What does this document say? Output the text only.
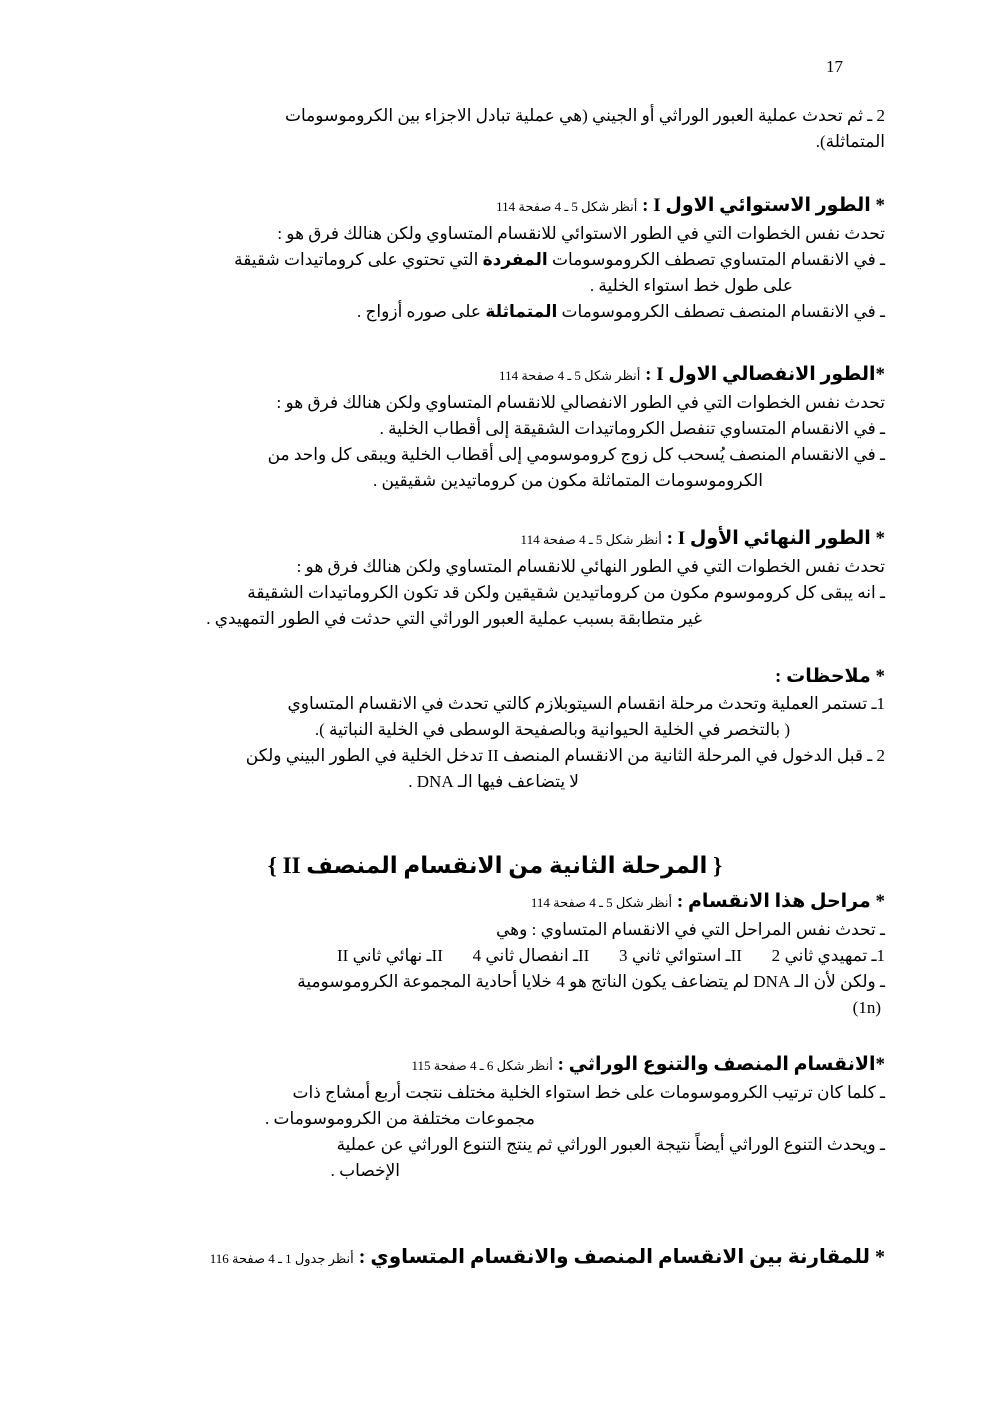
17
2 ـ ثم تحدث عملية العبور الوراثي أو الجيني (هي عملية تبادل الاجزاء بين الكروموسومات
المتماثلة).
* الطور الاستوائي الاول I : أنظر شكل 5 ـ 4 صفحة 114
تحدث نفس الخطوات التي في الطور الاستوائي للانقسام المتساوي ولكن هنالك فرق هو :
ـ في الانقسام المتساوي تصطف الكروموسومات المفردة التي تحتوي على كروماتيدات شقيقة
على طول خط استواء الخلية .
ـ في الانقسام المنصف تصطف الكروموسومات المتماثلة على صوره أزواج .
*الطور الانفصالي الاول I : أنظر شكل 5 ـ 4 صفحة 114
تحدث نفس الخطوات التي في الطور الانفصالي للانقسام المتساوي ولكن هنالك فرق هو :
ـ في الانقسام المتساوي تنفصل الكروماتيدات الشقيقة إلى أقطاب الخلية .
ـ في الانقسام المنصف يُسحب كل زوج كروموسومي إلى أقطاب الخلية ويبقى كل واحد من
الكروموسومات المتماثلة مكون من كروماتيدين شقيقين .
* الطور النهائي الأول I : أنظر شكل 5 ـ 4 صفحة 114
تحدث نفس الخطوات التي في الطور النهائي للانقسام المتساوي ولكن هنالك فرق هو :
ـ انه يبقى كل كروموسوم مكون من كروماتيدين شقيقين ولكن قد تكون الكروماتيدات الشقيقة
غير متطابقة بسبب عملية العبور الوراثي التي حدثت في الطور التمهيدي .
* ملاحظات :
1ـ تستمر العملية وتحدث مرحلة انقسام السيتوبلازم كالتي تحدث في الانقسام المتساوي
( بالتخصر في الخلية الحيوانية وبالصفيحة الوسطى في الخلية النباتية ).
2 ـ قبل الدخول في المرحلة الثانية من الانقسام المنصف II تدخل الخلية في الطور البيني ولكن
لا يتضاعف فيها الـ DNA .
{ المرحلة الثانية من الانقسام المنصف II }
* مراحل هذا الانقسام : أنظر شكل 5 ـ 4 صفحة 114
ـ تحدث نفس المراحل التي في الانقسام المتساوي : وهي
1ـ تمهيدي ثاني II       2ـ استوائي ثاني II       3ـ انفصال ثاني II       4ـ نهائي ثاني II
ـ ولكن لأن الـ DNA لم يتضاعف يكون الناتج هو 4 خلايا أحادية المجموعة الكروموسومية
(1n)
*الانقسام المنصف والتنوع الوراثي : أنظر شكل 6 ـ 4 صفحة 115
ـ كلما كان ترتيب الكروموسومات على خط استواء الخلية مختلف نتجت أربع أمشاج ذات
مجموعات مختلفة من الكروموسومات .
ـ ويحدث التنوع الوراثي أيضاً نتيجة العبور الوراثي ثم ينتج التنوع الوراثي عن عملية
الإخصاب .
* للمقارنة بين الانقسام المنصف والانقسام المتساوي : أنظر جدول 1 ـ 4 صفحة 116
